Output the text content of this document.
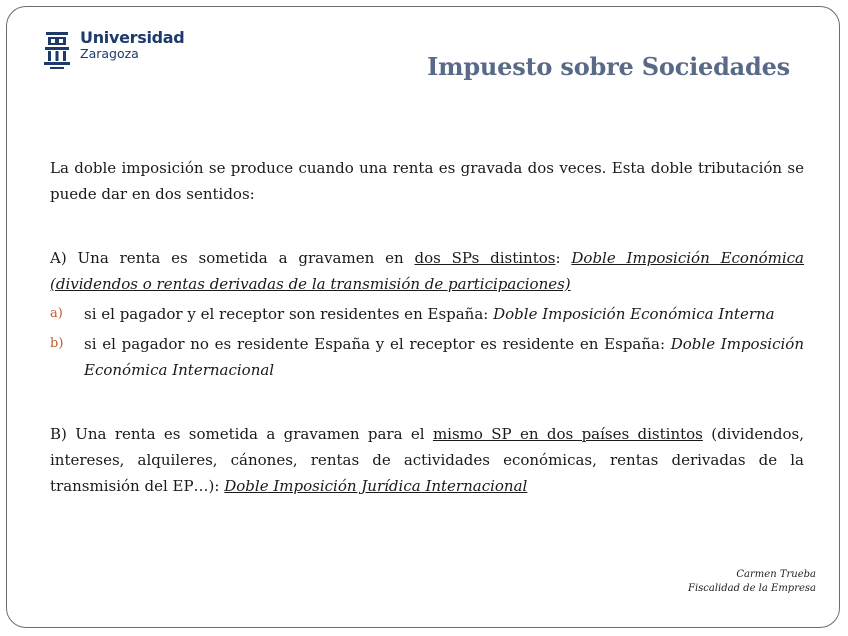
Universidad
Zaragoza	Impuesto sobre Sociedades

La doble imposición se produce cuando una renta es gravada dos veces. Esta doble tributación se puede dar en dos sentidos:

A) Una renta es sometida a gravamen en dos SPs distintos: Doble Imposición Económica (dividendos o rentas derivadas de la transmisión de participaciones)

a) si el pagador y el receptor son residentes en España: Doble Imposición Económica Interna
b) si el pagador no es residente España y el receptor es residente en España: Doble Imposición Económica Internacional

B) Una renta es sometida a gravamen para el mismo SP en dos países distintos (dividendos, intereses, alquileres, cánones, rentas de actividades económicas, rentas derivadas de la transmisión del EP…): Doble Imposición Jurídica Internacional

Carmen Trueba
Fiscalidad de la Empresa
